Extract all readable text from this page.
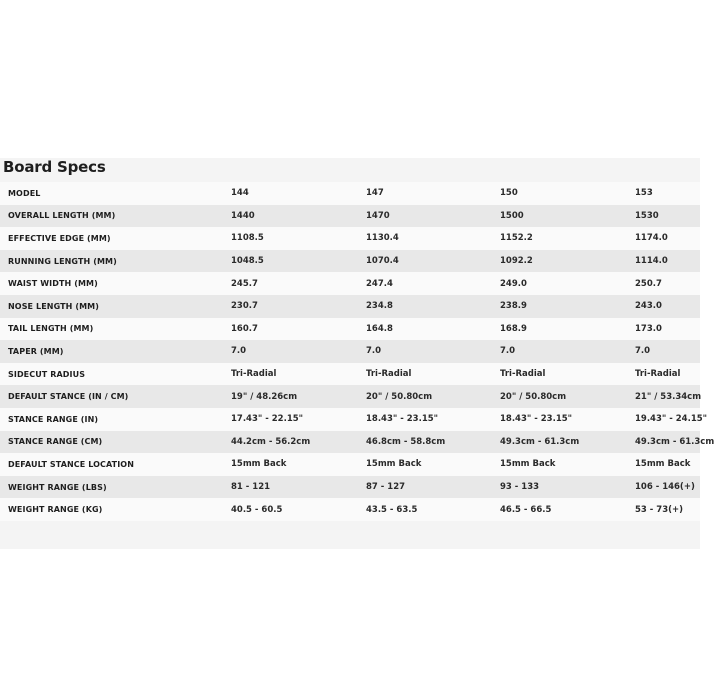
Board Specs
MODEL	144	147	150	153
OVERALL LENGTH (MM)	1440	1470	1500	1530
EFFECTIVE EDGE (MM)	1108.5	1130.4	1152.2	1174.0
RUNNING LENGTH (MM)	1048.5	1070.4	1092.2	1114.0
WAIST WIDTH (MM)	245.7	247.4	249.0	250.7
NOSE LENGTH (MM)	230.7	234.8	238.9	243.0
TAIL LENGTH (MM)	160.7	164.8	168.9	173.0
TAPER (MM)	7.0	7.0	7.0	7.0
SIDECUT RADIUS	Tri-Radial	Tri-Radial	Tri-Radial	Tri-Radial
DEFAULT STANCE (IN / CM)	19" / 48.26cm	20" / 50.80cm	20" / 50.80cm	21" / 53.34cm
STANCE RANGE (IN)	17.43" - 22.15"	18.43" - 23.15"	18.43" - 23.15"	19.43" - 24.15"
STANCE RANGE (CM)	44.2cm - 56.2cm	46.8cm - 58.8cm	49.3cm - 61.3cm	49.3cm - 61.3cm
DEFAULT STANCE LOCATION	15mm Back	15mm Back	15mm Back	15mm Back
WEIGHT RANGE (LBS)	81 - 121	87 - 127	93 - 133	106 - 146(+)
WEIGHT RANGE (KG)	40.5 - 60.5	43.5 - 63.5	46.5 - 66.5	53 - 73(+)
